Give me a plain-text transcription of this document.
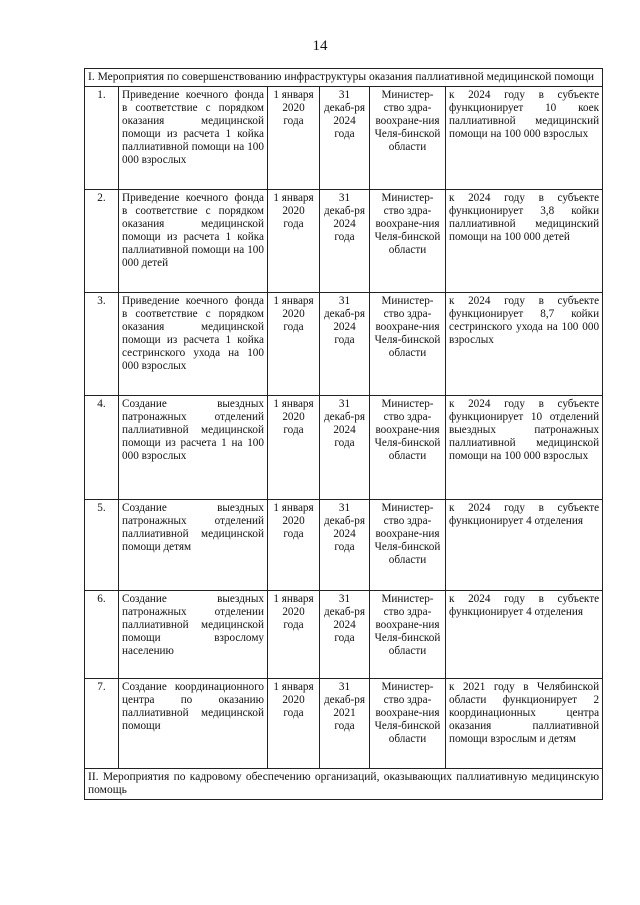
14
I. Мероприятия по совершенствованию инфраструктуры оказания паллиативной медицинской помощи					
1.	Приведение коечного фонда в соответствие с порядком оказания медицинской помощи из расчета 1 койка паллиативной помощи на 100 000 взрослых	1 января 2020 года	31 декаб-ря 2024 года	Министер-ство здра-воохране-ния Челя-бинской области	к 2024 году в субъекте функционирует 10 коек паллиативной медицинский помощи на 100 000 взрослых
2.	Приведение коечного фонда в соответствие с порядком оказания медицинской помощи из расчета 1 койка паллиативной помощи на 100 000 детей	1 января 2020 года	31 декаб-ря 2024 года	Министер-ство здра-воохране-ния Челя-бинской области	к 2024 году в субъекте функционирует 3,8 койки паллиативной медицинский помощи на 100 000 детей
3.	Приведение коечного фонда в соответствие с порядком оказания медицинской помощи из расчета 1 койка сестринского ухода на 100 000 взрослых	1 января 2020 года	31 декаб-ря 2024 года	Министер-ство здра-воохране-ния Челя-бинской области	к 2024 году в субъекте функционирует 8,7 койки сестринского ухода на 100 000 взрослых
4.	Создание выездных патронажных отделений паллиативной медицинской помощи из расчета 1 на 100 000 взрослых	1 января 2020 года	31 декаб-ря 2024 года	Министер-ство здра-воохране-ния Челя-бинской области	к 2024 году в субъекте функционирует 10 отделений выездных патронажных паллиативной медицинской помощи на 100 000 взрослых
5.	Создание выездных патронажных отделений паллиативной медицинской помощи детям	1 января 2020 года	31 декаб-ря 2024 года	Министер-ство здра-воохране-ния Челя-бинской области	к 2024 году в субъекте функционирует 4 отделения
6.	Создание выездных патронажных отделении паллиативной медицинской помощи взрослому населению	1 января 2020 года	31 декаб-ря 2024 года	Министер-ство здра-воохране-ния Челя-бинской области	к 2024 году в субъекте функционирует 4 отделения
7.	Создание координационного центра по оказанию паллиативной медицинской помощи	1 января 2020 года	31 декаб-ря 2021 года	Министер-ство здра-воохране-ния Челя-бинской области	к 2021 году в Челябинской области функционирует 2 координационных центра оказания паллиативной помощи взрослым и детям
II. Мероприятия по кадровому обеспечению организаций, оказывающих паллиативную медицинскую помощь					
